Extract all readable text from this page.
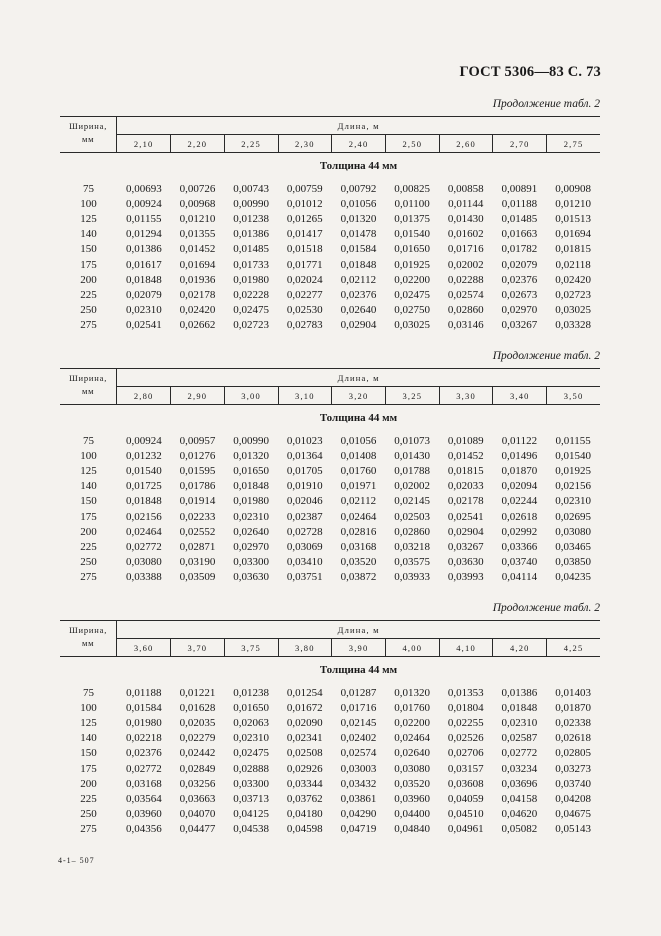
ГОСТ 5306—83 С. 73
Продолжение табл. 2
Ширина,
мм	Длина, м								
	2,10	2,20	2,25	2,30	2,40	2,50	2,60	2,70	2,75
Толщина 44 мм
75	0,00693	0,00726	0,00743	0,00759	0,00792	0,00825	0,00858	0,00891	0,00908
100	0,00924	0,00968	0,00990	0,01012	0,01056	0,01100	0,01144	0,01188	0,01210
125	0,01155	0,01210	0,01238	0,01265	0,01320	0,01375	0,01430	0,01485	0,01513
140	0,01294	0,01355	0,01386	0,01417	0,01478	0,01540	0,01602	0,01663	0,01694
150	0,01386	0,01452	0,01485	0,01518	0,01584	0,01650	0,01716	0,01782	0,01815
175	0,01617	0,01694	0,01733	0,01771	0,01848	0,01925	0,02002	0,02079	0,02118
200	0,01848	0,01936	0,01980	0,02024	0,02112	0,02200	0,02288	0,02376	0,02420
225	0,02079	0,02178	0,02228	0,02277	0,02376	0,02475	0,02574	0,02673	0,02723
250	0,02310	0,02420	0,02475	0,02530	0,02640	0,02750	0,02860	0,02970	0,03025
275	0,02541	0,02662	0,02723	0,02783	0,02904	0,03025	0,03146	0,03267	0,03328
Продолжение табл. 2
Ширина,
мм	Длина, м								
	2,80	2,90	3,00	3,10	3,20	3,25	3,30	3,40	3,50
Толщина 44 мм
75	0,00924	0,00957	0,00990	0,01023	0,01056	0,01073	0,01089	0,01122	0,01155
100	0,01232	0,01276	0,01320	0,01364	0,01408	0,01430	0,01452	0,01496	0,01540
125	0,01540	0,01595	0,01650	0,01705	0,01760	0,01788	0,01815	0,01870	0,01925
140	0,01725	0,01786	0,01848	0,01910	0,01971	0,02002	0,02033	0,02094	0,02156
150	0,01848	0,01914	0,01980	0,02046	0,02112	0,02145	0,02178	0,02244	0,02310
175	0,02156	0,02233	0,02310	0,02387	0,02464	0,02503	0,02541	0,02618	0,02695
200	0,02464	0,02552	0,02640	0,02728	0,02816	0,02860	0,02904	0,02992	0,03080
225	0,02772	0,02871	0,02970	0,03069	0,03168	0,03218	0,03267	0,03366	0,03465
250	0,03080	0,03190	0,03300	0,03410	0,03520	0,03575	0,03630	0,03740	0,03850
275	0,03388	0,03509	0,03630	0,03751	0,03872	0,03933	0,03993	0,04114	0,04235
Продолжение табл. 2
Ширина,
мм	Длина, м								
	3,60	3,70	3,75	3,80	3,90	4,00	4,10	4,20	4,25
Толщина 44 мм
75	0,01188	0,01221	0,01238	0,01254	0,01287	0,01320	0,01353	0,01386	0,01403
100	0,01584	0,01628	0,01650	0,01672	0,01716	0,01760	0,01804	0,01848	0,01870
125	0,01980	0,02035	0,02063	0,02090	0,02145	0,02200	0,02255	0,02310	0,02338
140	0,02218	0,02279	0,02310	0,02341	0,02402	0,02464	0,02526	0,02587	0,02618
150	0,02376	0,02442	0,02475	0,02508	0,02574	0,02640	0,02706	0,02772	0,02805
175	0,02772	0,02849	0,02888	0,02926	0,03003	0,03080	0,03157	0,03234	0,03273
200	0,03168	0,03256	0,03300	0,03344	0,03432	0,03520	0,03608	0,03696	0,03740
225	0,03564	0,03663	0,03713	0,03762	0,03861	0,03960	0,04059	0,04158	0,04208
250	0,03960	0,04070	0,04125	0,04180	0,04290	0,04400	0,04510	0,04620	0,04675
275	0,04356	0,04477	0,04538	0,04598	0,04719	0,04840	0,04961	0,05082	0,05143
4-1– 507
